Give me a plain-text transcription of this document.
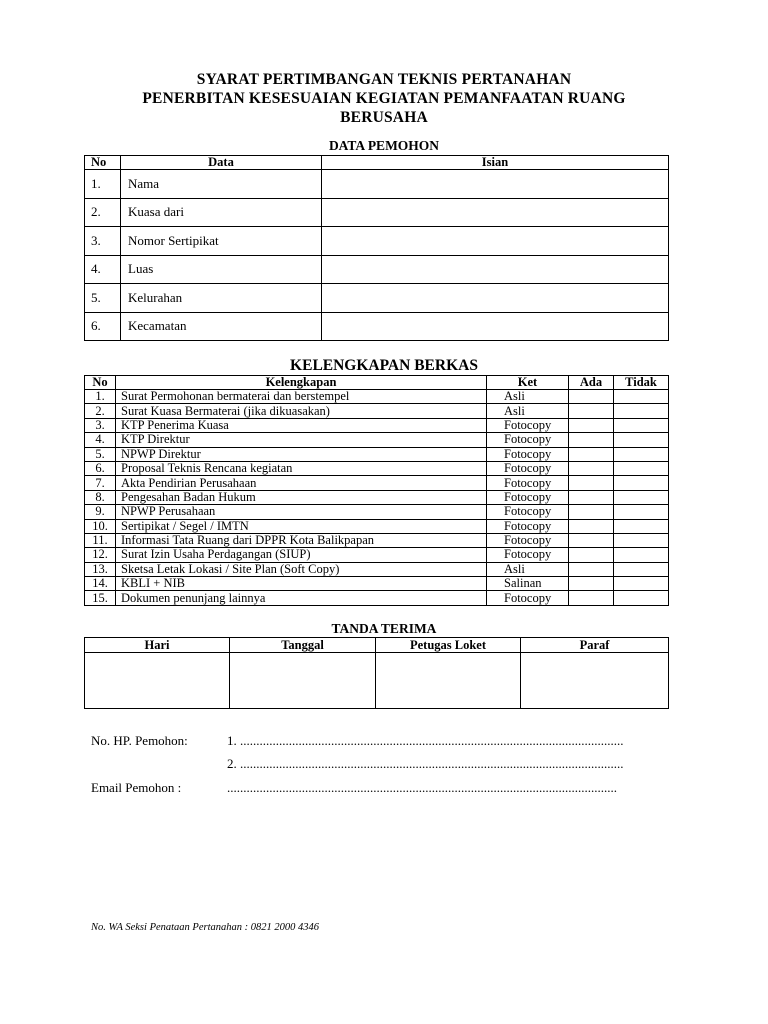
SYARAT PERTIMBANGAN TEKNIS PERTANAHAN
PENERBITAN KESESUAIAN KEGIATAN PEMANFAATAN RUANG
BERUSAHA
DATA PEMOHON
No	Data	Isian
1.	Nama	
2.	Kuasa dari	
3.	Nomor Sertipikat	
4.	Luas	
5.	Kelurahan	
6.	Kecamatan	
KELENGKAPAN BERKAS
No	Kelengkapan	Ket	Ada	Tidak
1.	Surat Permohonan bermaterai dan berstempel	Asli		
2.	Surat Kuasa Bermaterai (jika dikuasakan)	Asli		
3.	KTP Penerima Kuasa	Fotocopy		
4.	KTP Direktur	Fotocopy		
5.	NPWP Direktur	Fotocopy		
6.	Proposal Teknis Rencana kegiatan	Fotocopy		
7.	Akta Pendirian Perusahaan	Fotocopy		
8.	Pengesahan Badan Hukum	Fotocopy		
9.	NPWP Perusahaan	Fotocopy		
10.	Sertipikat / Segel / IMTN	Fotocopy		
11.	Informasi Tata Ruang dari DPPR Kota Balikpapan	Fotocopy		
12.	Surat Izin Usaha Perdagangan (SIUP)	Fotocopy		
13.	Sketsa Letak Lokasi / Site Plan (Soft Copy)	Asli		
14.	KBLI + NIB	Salinan		
15.	Dokumen penunjang lainnya	Fotocopy		
TANDA TERIMA
Hari	Tanggal	Petugas Loket	Paraf

No. HP. Pemohon:	1. ......................................................................................................................
2. ......................................................................................................................
Email Pemohon :	........................................................................................................................
No. WA Seksi Penataan Pertanahan : 0821 2000 4346
